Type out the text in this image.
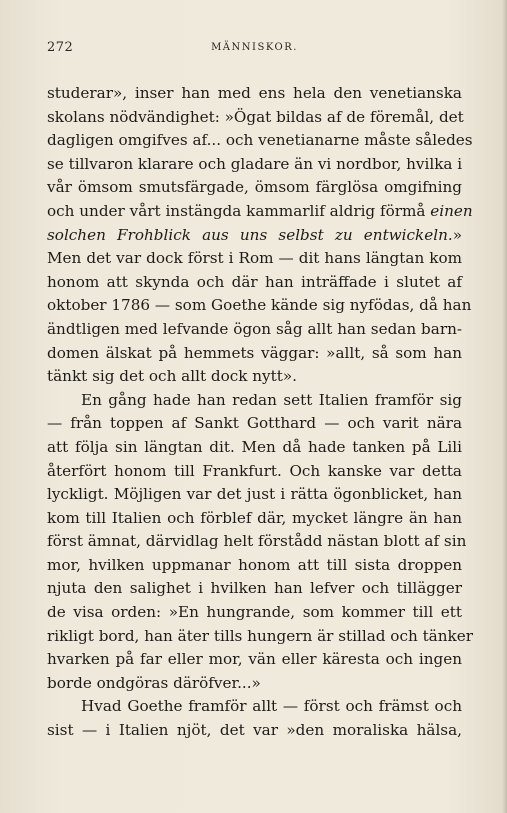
272	MÄNNISKOR.
studerar», inser han med ens hela den venetianska
skolans nödvändighet: »Ögat bildas af de föremål, det
dagligen omgifves af... och venetianarne måste således
se tillvaron klarare och gladare än vi nordbor, hvilka i
vår ömsom smutsfärgade, ömsom färglösa omgifning
och under vårt instängda kammarlif aldrig förmå einen
solchen Frohblick aus uns selbst zu entwickeln.»
Men det var dock först i Rom — dit hans längtan kom
honom att skynda och där han inträffade i slutet af
oktober 1786 — som Goethe kände sig nyfödas, då han
ändtligen med lefvande ögon såg allt han sedan barn-
domen älskat på hemmets väggar: »allt, så som han
tänkt sig det och allt dock nytt».
En gång hade han redan sett Italien framför sig
— från toppen af Sankt Gotthard — och varit nära
att följa sin längtan dit. Men då hade tanken på Lili
återfört honom till Frankfurt. Och kanske var detta
lyckligt. Möjligen var det just i rätta ögonblicket, han
kom till Italien och förblef där, mycket längre än han
först ämnat, därvidlag helt förstådd nästan blott af sin
mor, hvilken uppmanar honom att till sista droppen
njuta den salighet i hvilken han lefver och tillägger
de visa orden: »En hungrande, som kommer till ett
rikligt bord, han äter tills hungern är stillad och tänker
hvarken på far eller mor, vän eller käresta och ingen
borde ondgöras däröfver...»
Hvad Goethe framför allt — först och främst och
sist — i Italien njöt, det var »den moraliska hälsa,
